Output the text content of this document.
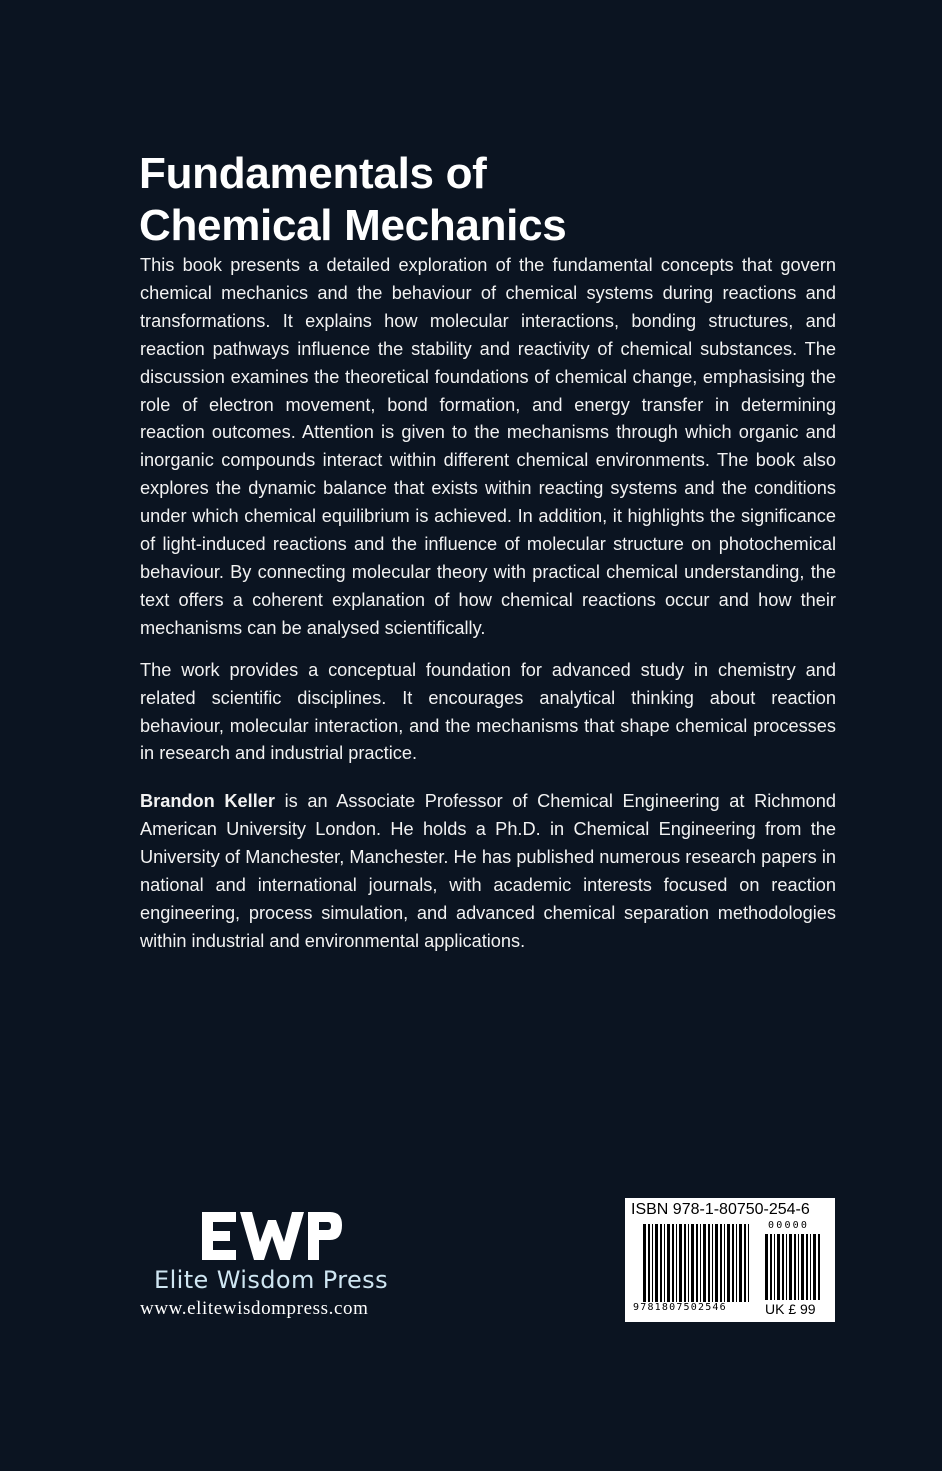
Fundamentals of
Chemical Mechanics

This book presents a detailed exploration of the fundamental concepts that govern chemical mechanics and the behaviour of chemical systems during reactions and transformations. It explains how molecular interactions, bonding structures, and reaction pathways influence the stability and reactivity of chemical substances. The discussion examines the theoretical foundations of chemical change, emphasising the role of electron movement, bond formation, and energy transfer in determining reaction outcomes. Attention is given to the mechanisms through which organic and inorganic compounds interact within different chemical environments. The book also explores the dynamic balance that exists within reacting systems and the conditions under which chemical equilibrium is achieved. In addition, it highlights the significance of light-induced reactions and the influence of molecular structure on photochemical behaviour. By connecting molecular theory with practical chemical understanding, the text offers a coherent explanation of how chemical reactions occur and how their mechanisms can be analysed scientifically.

The work provides a conceptual foundation for advanced study in chemistry and related scientific disciplines. It encourages analytical thinking about reaction behaviour, molecular interaction, and the mechanisms that shape chemical processes in research and industrial practice.

Brandon Keller is an Associate Professor of Chemical Engineering at Richmond American University London. He holds a Ph.D. in Chemical Engineering from the University of Manchester, Manchester. He has published numerous research papers in national and international journals, with academic interests focused on reaction engineering, process simulation, and advanced chemical separation methodologies within industrial and environmental applications.

Elite Wisdom Press
www.elitewisdompress.com
ISBN 978-1-80750-254-6
00000
9781807502546	UK £ 99
